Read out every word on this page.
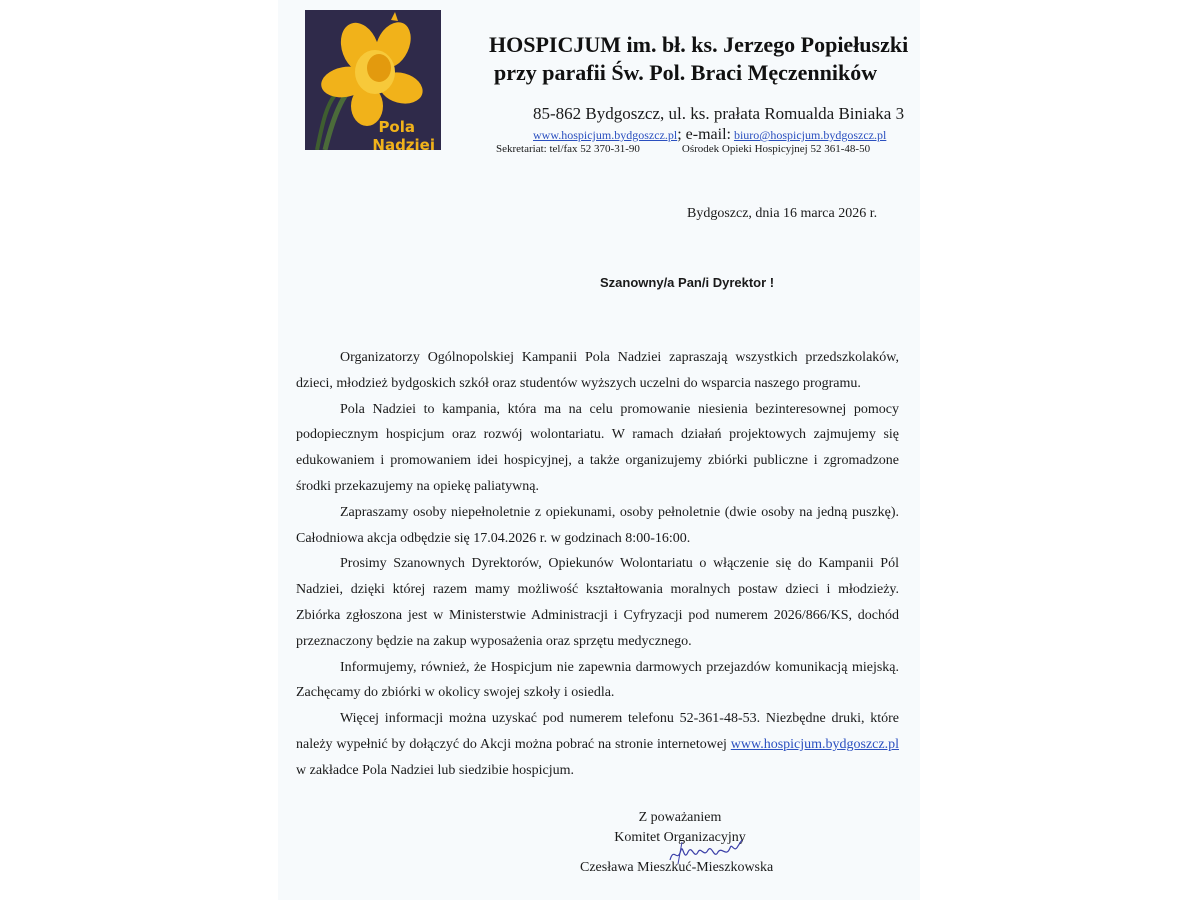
Pola
Nadziei
HOSPICJUM im. bł. ks. Jerzego Popiełuszki
przy parafii Św. Pol. Braci Męczenników
85-862 Bydgoszcz, ul. ks. prałata Romualda Biniaka 3
www.hospicjum.bydgoszcz.pl; e-mail: biuro@hospicjum.bydgoszcz.pl
Sekretariat: tel/fax 52 370-31-90	Ośrodek Opieki Hospicyjnej 52 361-48-50
Bydgoszcz, dnia 16 marca 2026 r.
Szanowny/a Pan/i Dyrektor !

Organizatorzy Ogólnopolskiej Kampanii Pola Nadziei zapraszają wszystkich przedszkolaków, dzieci, młodzież bydgoskich szkół oraz studentów wyższych uczelni do wsparcia naszego programu.

Pola Nadziei to kampania, która ma na celu promowanie niesienia bezinteresownej pomocy podopiecznym hospicjum oraz rozwój wolontariatu. W ramach działań projektowych zajmujemy się edukowaniem i promowaniem idei hospicyjnej, a także organizujemy zbiórki publiczne i zgromadzone środki przekazujemy na opiekę paliatywną.

Zapraszamy osoby niepełnoletnie z opiekunami, osoby pełnoletnie (dwie osoby na jedną puszkę). Całodniowa akcja odbędzie się 17.04.2026 r. w godzinach 8:00-16:00.

Prosimy Szanownych Dyrektorów, Opiekunów Wolontariatu o włączenie się do Kampanii Pól Nadziei, dzięki której razem mamy możliwość kształtowania moralnych postaw dzieci i młodzieży. Zbiórka zgłoszona jest w Ministerstwie Administracji i Cyfryzacji pod numerem 2026/866/KS, dochód przeznaczony będzie na zakup wyposażenia oraz sprzętu medycznego.

Informujemy, również, że Hospicjum nie zapewnia darmowych przejazdów komunikacją miejską. Zachęcamy do zbiórki w okolicy swojej szkoły i osiedla.

Więcej informacji można uzyskać pod numerem telefonu 52-361-48-53. Niezbędne druki, które należy wypełnić by dołączyć do Akcji można pobrać na stronie internetowej www.hospicjum.bydgoszcz.pl w zakładce Pola Nadziei lub siedzibie hospicjum.

Z poważaniem
Komitet Organizacyjny
Czesława Mieszkuć-Mieszkowska
